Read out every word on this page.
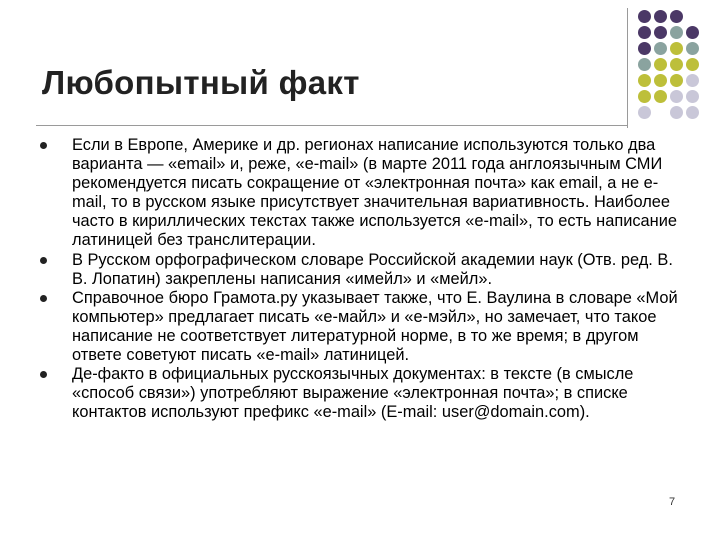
Любопытный факт
Если в Европе, Америке и др. регионах написание используются только два варианта — «email» и, реже, «e-mail» (в марте 2011 года англоязычным СМИ рекомендуется писать сокращение от «электронная почта» как email, а не e-mail, то в русском языке присутствует значительная вариативность. Наиболее часто в кириллических текстах также используется «e-mail», то есть написание латиницей без транслитерации.
В Русском орфографическом словаре Российской академии наук (Отв. ред. В. В. Лопатин) закреплены написания «имейл» и «мейл».
Справочное бюро Грамота.ру указывает также, что Е. Ваулина в словаре «Мой компьютер» предлагает писать «е-майл» и «е-мэйл», но замечает, что такое написание не соответствует литературной норме, в то же время; в другом ответе советуют писать «e-mail» латиницей.
Де-факто в официальных русскоязычных документах: в тексте (в смысле «способ связи») употребляют выражение «электронная почта»; в списке контактов используют префикс «e-mail» (E-mail: user@domain.com).
7
